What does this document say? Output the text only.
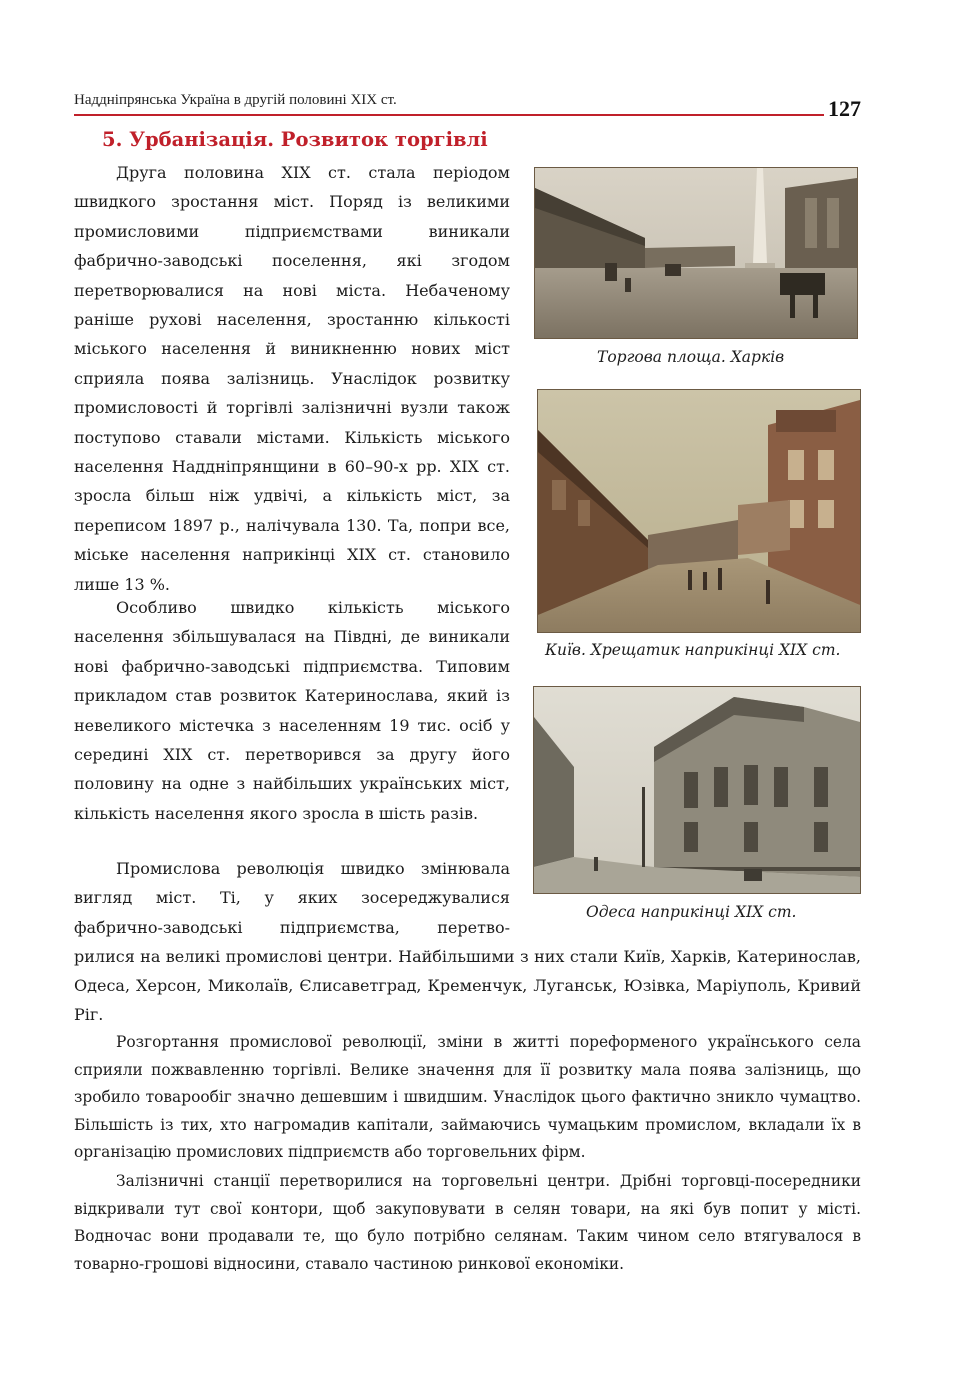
Наддніпрянська Україна в другій половині XIX ст.	127
5. Урбанізація. Розвиток торгівлі

Друга половина XIX ст. стала періодом швидкого зростання міст. Поряд із великими промисловими підприємствами виникали фабрично-заводські поселення, які згодом перетворювалися на нові міста. Небаченому раніше рухові населення, зростанню кількості міського населення й виникненню нових міст сприяла поява залізниць. Унаслідок розвитку промисловості й торгівлі залізничні вузли також поступово ставали містами. Кількість міського населення Наддніпрянщини в 60–90-х рр. XIX ст. зросла більш ніж удвічі, а кількість міст, за переписом 1897 р., налічувала 130. Та, попри все, міське населення наприкінці XIX ст. становило лише 13 %.

Особливо швидко кількість міського населення збільшувалася на Півдні, де виникали нові фабрично-заводські підприємства. Типовим прикладом став розвиток Катеринослава, який із невеликого містечка з населенням 19 тис. осіб у середині XIX ст. перетворився за другу його половину на одне з найбільших українських міст, кількість населення якого зросла в шість разів.

Промислова революція швидко змінювала вигляд міст. Ті, у яких зосереджувалися фабрично-заводські підприємства, перетво-

рилися на великі промислові центри. Найбільшими з них стали Київ, Харків, Катеринослав, Одеса, Херсон, Миколаїв, Єлисаветград, Кременчук, Луганськ, Юзівка, Маріуполь, Кривий Ріг.

Розгортання промислової революції, зміни в житті пореформеного українського села сприяли пожвавленню торгівлі. Велике значення для її розвитку мала поява залізниць, що зробило товарообіг значно дешевшим і швидшим. Унаслідок цього фактично зникло чумацтво. Більшість із тих, хто нагромадив капітали, займаючись чумацьким промислом, вкладали їх в організацію промислових підприємств або торговельних фірм.

Залізничні станції перетворилися на торговельні центри. Дрібні торговці-посередники відкривали тут свої контори, щоб закуповувати в селян товари, на які був попит у місті. Водночас вони продавали те, що було потрібно селянам. Таким чином село втягувалося в товарно-грошові відносини, ставало частиною ринкової економіки.

Торгова площа. Харків
Київ. Хрещатик наприкінці XIX ст.
Одеса наприкінці XIX ст.
